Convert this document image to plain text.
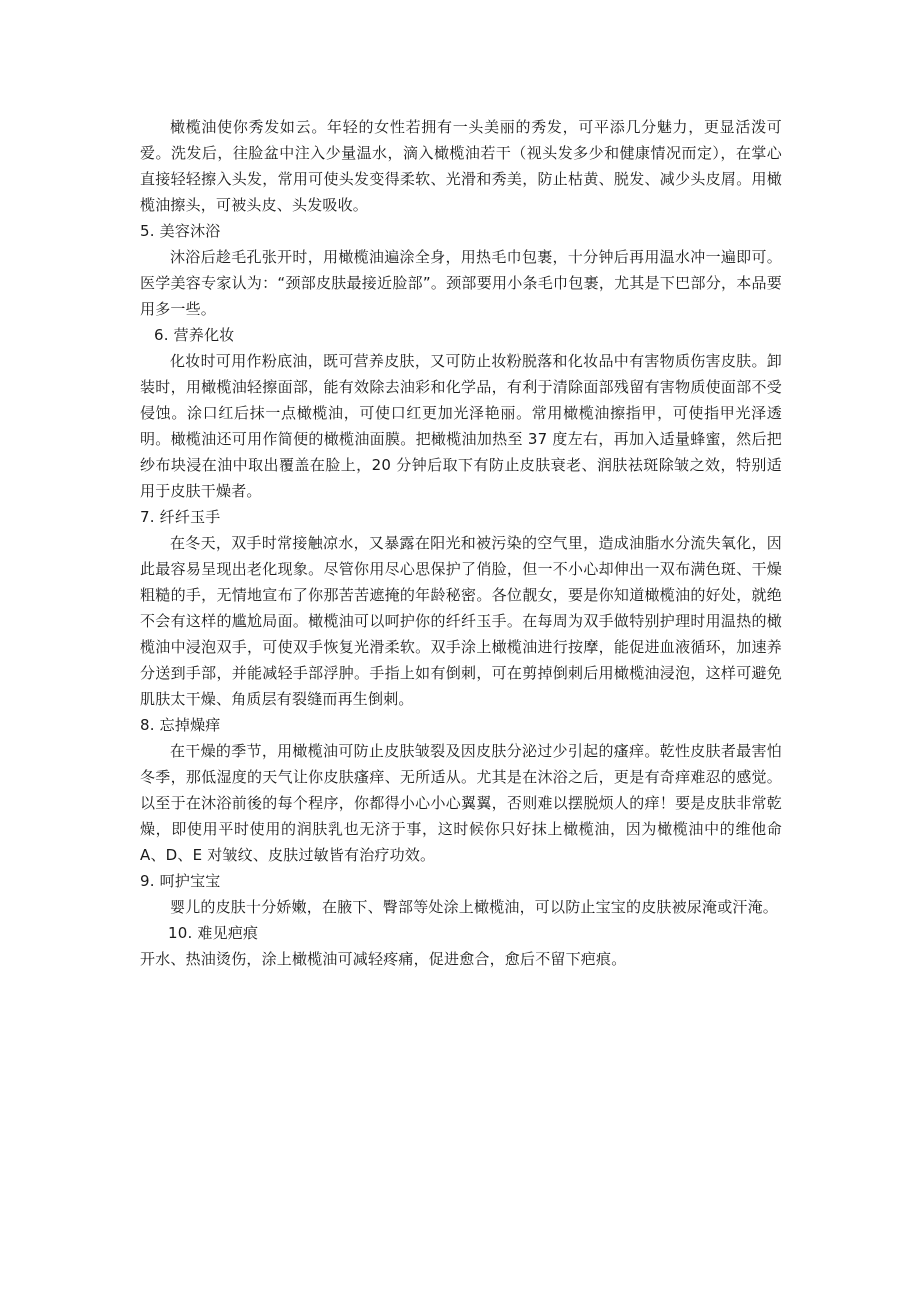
橄榄油使你秀发如云。年轻的女性若拥有一头美丽的秀发，可平添几分魅力，更显活泼可爱。洗发后，往脸盆中注入少量温水，滴入橄榄油若干（视头发多少和健康情况而定），在掌心直接轻轻擦入头发，常用可使头发变得柔软、光滑和秀美，防止枯黄、脱发、减少头皮屑。用橄榄油擦头，可被头皮、头发吸收。

5. 美容沐浴

沐浴后趁毛孔张开时，用橄榄油遍涂全身，用热毛巾包裹，十分钟后再用温水冲一遍即可。医学美容专家认为：“颈部皮肤最接近脸部”。颈部要用小条毛巾包裹，尤其是下巴部分，本品要用多一些。

6. 营养化妆

化妆时可用作粉底油，既可营养皮肤，又可防止妆粉脱落和化妆品中有害物质伤害皮肤。卸装时，用橄榄油轻擦面部，能有效除去油彩和化学品，有利于清除面部残留有害物质使面部不受侵蚀。涂口红后抹一点橄榄油，可使口红更加光泽艳丽。常用橄榄油擦指甲，可使指甲光泽透明。橄榄油还可用作简便的橄榄油面膜。把橄榄油加热至 37 度左右，再加入适量蜂蜜，然后把纱布块浸在油中取出覆盖在脸上，20 分钟后取下有防止皮肤衰老、润肤祛斑除皱之效，特别适用于皮肤干燥者。

7. 纤纤玉手

在冬天，双手时常接触凉水，又暴露在阳光和被污染的空气里，造成油脂水分流失氧化，因此最容易呈现出老化现象。尽管你用尽心思保护了俏脸，但一不小心却伸出一双布满色斑、干燥粗糙的手，无情地宣布了你那苦苦遮掩的年龄秘密。各位靓女，要是你知道橄榄油的好处，就绝不会有这样的尴尬局面。橄榄油可以呵护你的纤纤玉手。在每周为双手做特别护理时用温热的橄榄油中浸泡双手，可使双手恢复光滑柔软。双手涂上橄榄油进行按摩，能促进血液循环，加速养分送到手部，并能减轻手部浮肿。手指上如有倒刺，可在剪掉倒刺后用橄榄油浸泡，这样可避免肌肤太干燥、角质层有裂缝而再生倒刺。

8. 忘掉燥痒

在干燥的季节，用橄榄油可防止皮肤皱裂及因皮肤分泌过少引起的瘙痒。乾性皮肤者最害怕冬季，那低湿度的天气让你皮肤瘙痒、无所适从。尤其是在沐浴之后，更是有奇痒难忍的感觉。以至于在沐浴前後的每个程序，你都得小心小心翼翼，否则难以摆脱烦人的痒！要是皮肤非常乾燥，即使用平时使用的润肤乳也无济于事，这时候你只好抹上橄榄油，因为橄榄油中的维他命 A、D、E 对皱纹、皮肤过敏皆有治疗功效。

9. 呵护宝宝

婴儿的皮肤十分娇嫩，在腋下、臀部等处涂上橄榄油，可以防止宝宝的皮肤被尿淹或汗淹。

10. 难见疤痕

开水、热油烫伤，涂上橄榄油可减轻疼痛，促进愈合，愈后不留下疤痕。
